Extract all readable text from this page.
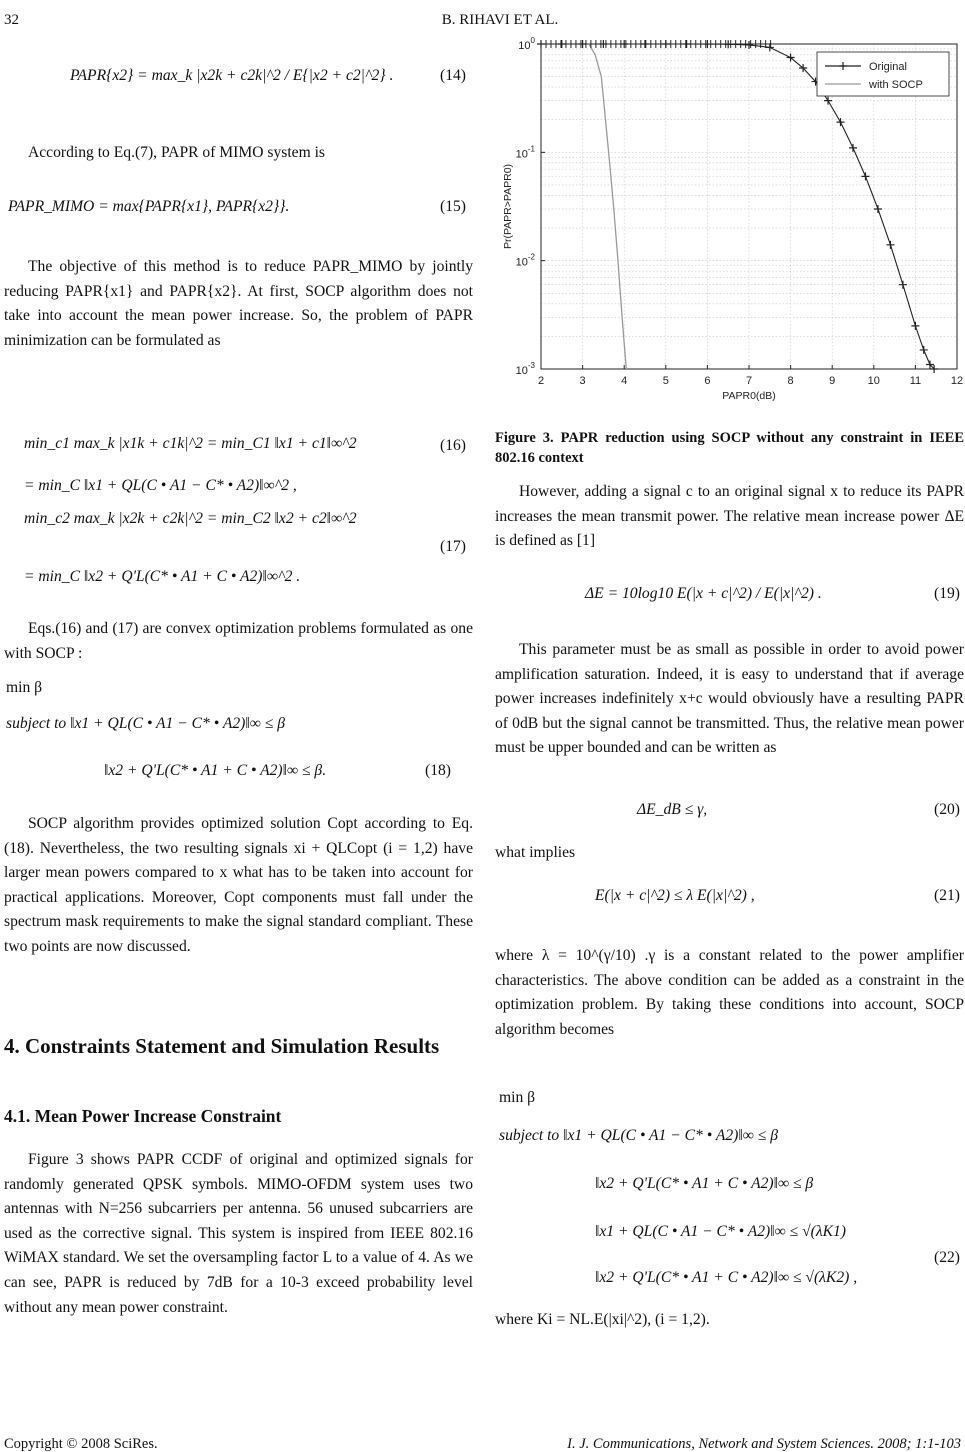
32	B. RIHAVI ET AL.
PAPR{x2} = max_k |x2k + c2k|^2 / E{|x2 + c2|^2} .	(14)

According to Eq.(7), PAPR of MIMO system is

PAPR_MIMO = max{PAPR{x1}, PAPR{x2}}.	(15)

The objective of this method is to reduce PAPR_MIMO by jointly reducing PAPR{x1} and PAPR{x2}. At first, SOCP algorithm does not take into account the mean power increase. So, the problem of PAPR minimization can be formulated as

min_c1 max_k |x1k + c1k|^2 = min_C1 ‖x1 + c1‖∞^2
= min_C ‖x1 + QL(C • A1 − C* • A2)‖∞^2 ,
(16)
min_c2 max_k |x2k + c2k|^2 = min_C2 ‖x2 + c2‖∞^2
= min_C ‖x2 + Q'L(C* • A1 + C • A2)‖∞^2 .
(17)

Eqs.(16) and (17) are convex optimization problems formulated as one with SOCP :

min β
subject to ‖x1 + QL(C • A1 − C* • A2)‖∞ ≤ β
‖x2 + Q'L(C* • A1 + C • A2)‖∞ ≤ β.	(18)

SOCP algorithm provides optimized solution Copt according to Eq.(18). Nevertheless, the two resulting signals xi + QLCopt (i = 1,2) have larger mean powers compared to x what has to be taken into account for practical applications. Moreover, Copt components must fall under the spectrum mask requirements to make the signal standard compliant. These two points are now discussed.

4. Constraints Statement and Simulation Results
4.1. Mean Power Increase Constraint

Figure 3 shows PAPR CCDF of original and optimized signals for randomly generated QPSK symbols. MIMO-OFDM system uses two antennas with N=256 subcarriers per antenna. 56 unused subcarriers are used as the corrective signal. This system is inspired from IEEE 802.16 WiMAX standard. We set the oversampling factor L to a value of 4. As we can see, PAPR is reduced by 7dB for a 10-3 exceed probability level without any mean power constraint.

2	3	4	5	6	7	8	9	10	11	12
$10^0$
$10^{-1}$
$10^{-2}$
$10^{-3}$
PAPR0(dB)
Pr(PAPR>PAPR0)
Original
with SOCP
Figure 3. PAPR reduction using SOCP without any constraint in IEEE 802.16 context

However, adding a signal c to an original signal x to reduce its PAPR increases the mean transmit power. The relative mean increase power ΔE is defined as [1]

ΔE = 10log10 E(|x + c|^2) / E(|x|^2) .	(19)

This parameter must be as small as possible in order to avoid power amplification saturation. Indeed, it is easy to understand that if average power increases indefinitely x+c would obviously have a resulting PAPR of 0dB but the signal cannot be transmitted. Thus, the relative mean power must be upper bounded and can be written as

ΔE_dB ≤ γ,	(20)

what implies

E(|x + c|^2) ≤ λ E(|x|^2) ,	(21)

where λ = 10^(γ/10) .γ is a constant related to the power amplifier characteristics. The above condition can be added as a constraint in the optimization problem. By taking these conditions into account, SOCP algorithm becomes

min β
subject to ‖x1 + QL(C • A1 − C* • A2)‖∞ ≤ β
‖x2 + Q'L(C* • A1 + C • A2)‖∞ ≤ β
‖x1 + QL(C • A1 − C* • A2)‖∞ ≤ √(λK1)
‖x2 + Q'L(C* • A1 + C • A2)‖∞ ≤ √(λK2) ,
(22)
where Ki = NL.E(|xi|^2), (i = 1,2).
Copyright © 2008 SciRes.	I. J. Communications, Network and System Sciences. 2008; 1:1-103
